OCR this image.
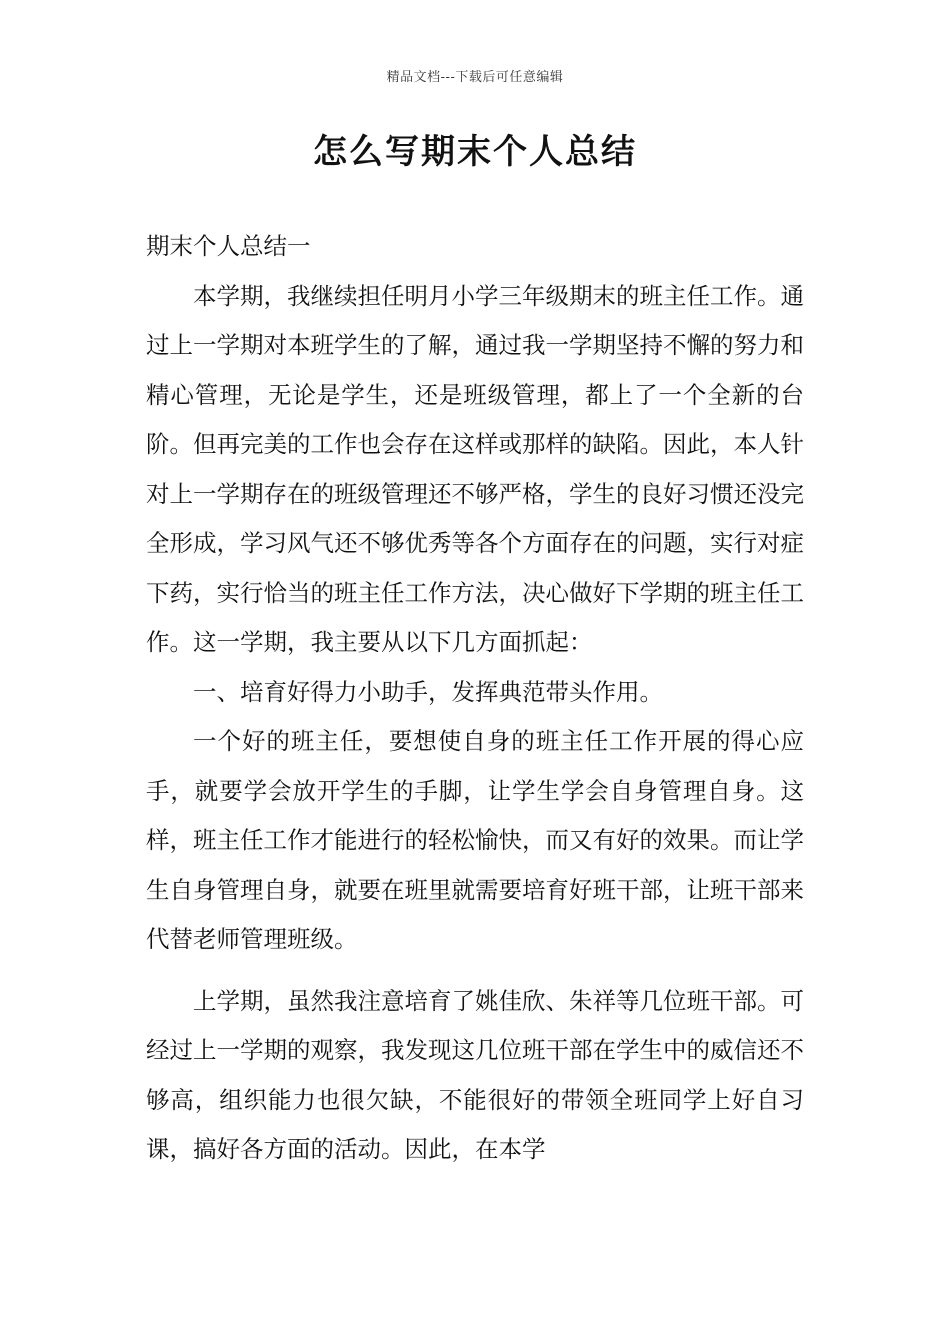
精品文档---下载后可任意编辑
怎么写期末个人总结

期末个人总结一

本学期，我继续担任明月小学三年级期末的班主任工作。通过上一学期对本班学生的了解，通过我一学期坚持不懈的努力和精心管理，无论是学生，还是班级管理，都上了一个全新的台阶。但再完美的工作也会存在这样或那样的缺陷。因此，本人针对上一学期存在的班级管理还不够严格，学生的良好习惯还没完全形成，学习风气还不够优秀等各个方面存在的问题，实行对症下药，实行恰当的班主任工作方法，决心做好下学期的班主任工作。这一学期，我主要从以下几方面抓起：

一、培育好得力小助手，发挥典范带头作用。

一个好的班主任，要想使自身的班主任工作开展的得心应手，就要学会放开学生的手脚，让学生学会自身管理自身。这样，班主任工作才能进行的轻松愉快，而又有好的效果。而让学生自身管理自身，就要在班里就需要培育好班干部，让班干部来代替老师管理班级。

上学期，虽然我注意培育了姚佳欣、朱祥等几位班干部。可经过上一学期的观察，我发现这几位班干部在学生中的威信还不够高，组织能力也很欠缺，不能很好的带领全班同学上好自习课，搞好各方面的活动。因此，在本学
